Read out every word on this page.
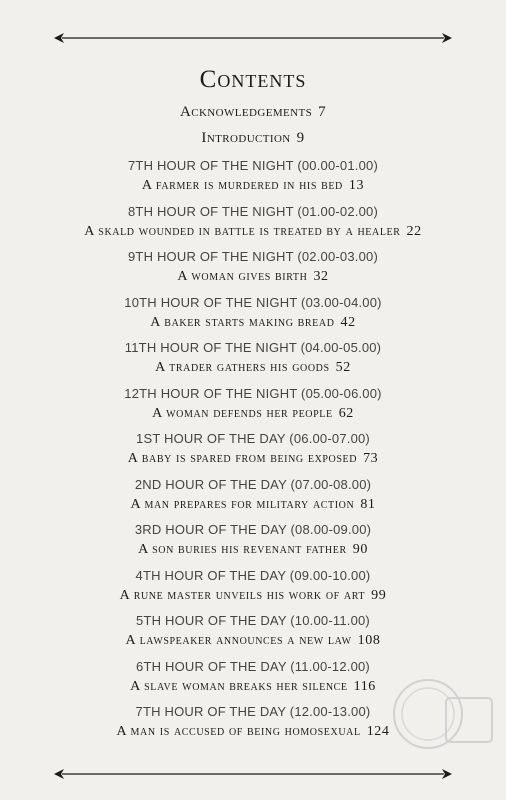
Contents
Acknowledgements 7
Introduction 9
7TH HOUR OF THE NIGHT (00.00-01.00)
A farmer is murdered in his bed 13
8TH HOUR OF THE NIGHT (01.00-02.00)
A skald wounded in battle is treated by a healer 22
9TH HOUR OF THE NIGHT (02.00-03.00)
A woman gives birth 32
10TH HOUR OF THE NIGHT (03.00-04.00)
A baker starts making bread 42
11TH HOUR OF THE NIGHT (04.00-05.00)
A trader gathers his goods 52
12TH HOUR OF THE NIGHT (05.00-06.00)
A woman defends her people 62
1ST HOUR OF THE DAY (06.00-07.00)
A baby is spared from being exposed 73
2ND HOUR OF THE DAY (07.00-08.00)
A man prepares for military action 81
3RD HOUR OF THE DAY (08.00-09.00)
A son buries his revenant father 90
4TH HOUR OF THE DAY (09.00-10.00)
A rune master unveils his work of art 99
5TH HOUR OF THE DAY (10.00-11.00)
A lawspeaker announces a new law 108
6TH HOUR OF THE DAY (11.00-12.00)
A slave woman breaks her silence 116
7TH HOUR OF THE DAY (12.00-13.00)
A man is accused of being homosexual 124
